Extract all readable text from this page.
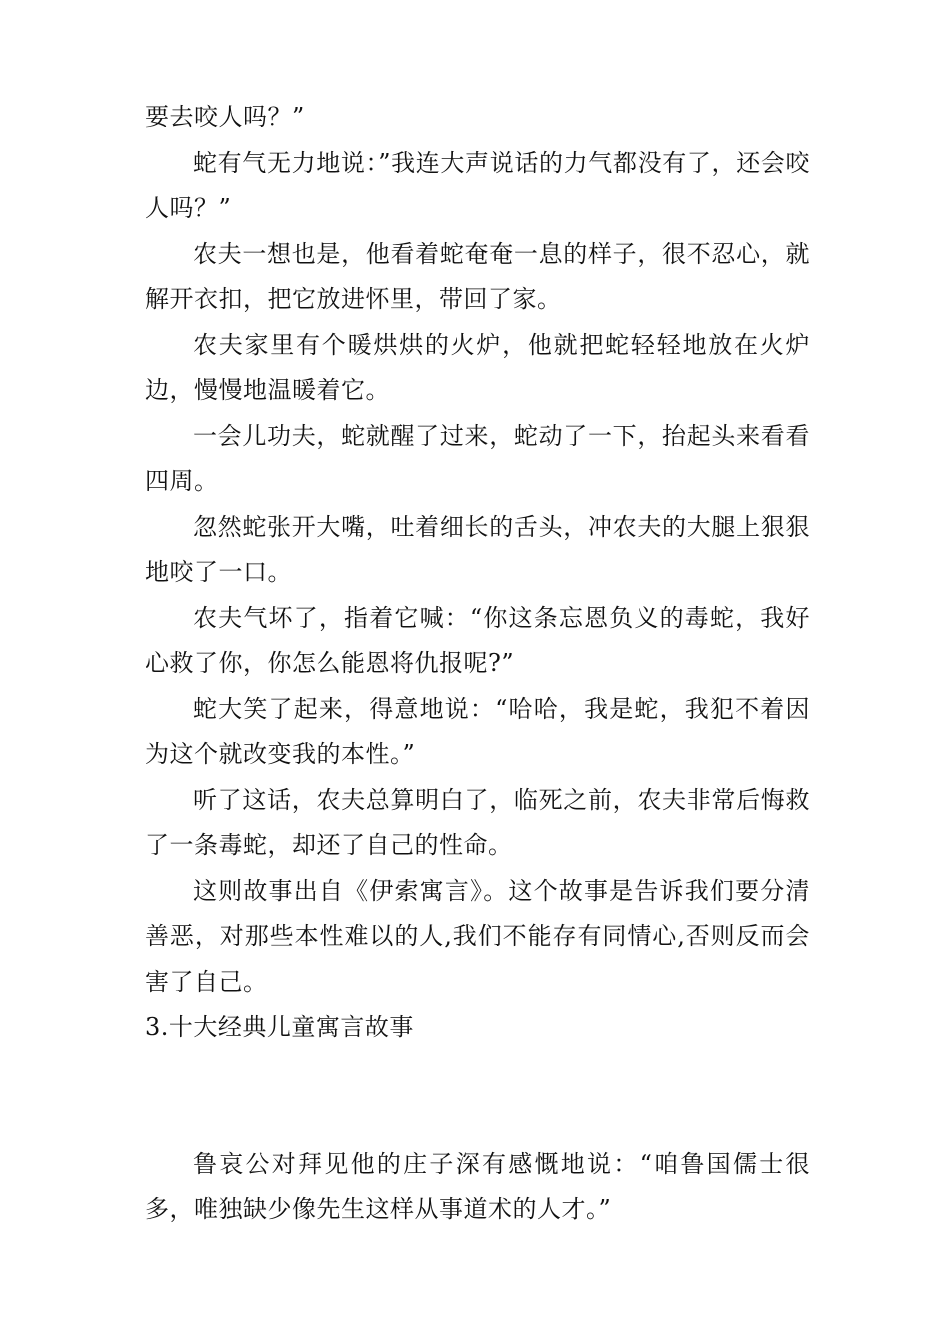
要去咬人吗？”

蛇有气无力地说：”我连大声说话的力气都没有了，还会咬人吗？”

农夫一想也是，他看着蛇奄奄一息的样子，很不忍心，就解开衣扣，把它放进怀里，带回了家。

农夫家里有个暖烘烘的火炉，他就把蛇轻轻地放在火炉边，慢慢地温暖着它。

一会儿功夫，蛇就醒了过来，蛇动了一下，抬起头来看看四周。

忽然蛇张开大嘴，吐着细长的舌头，冲农夫的大腿上狠狠地咬了一口。

农夫气坏了，指着它喊：“你这条忘恩负义的毒蛇，我好心救了你，你怎么能恩将仇报呢?”

蛇大笑了起来，得意地说：“哈哈，我是蛇，我犯不着因为这个就改变我的本性。”

听了这话，农夫总算明白了，临死之前，农夫非常后悔救了一条毒蛇，却还了自己的性命。

这则故事出自《伊索寓言》。这个故事是告诉我们要分清善恶，对那些本性难以的人,我们不能存有同情心,否则反而会害了自己。

3.十大经典儿童寓言故事

鲁哀公对拜见他的庄子深有感慨地说：“咱鲁国儒士很多，唯独缺少像先生这样从事道术的人才。”
